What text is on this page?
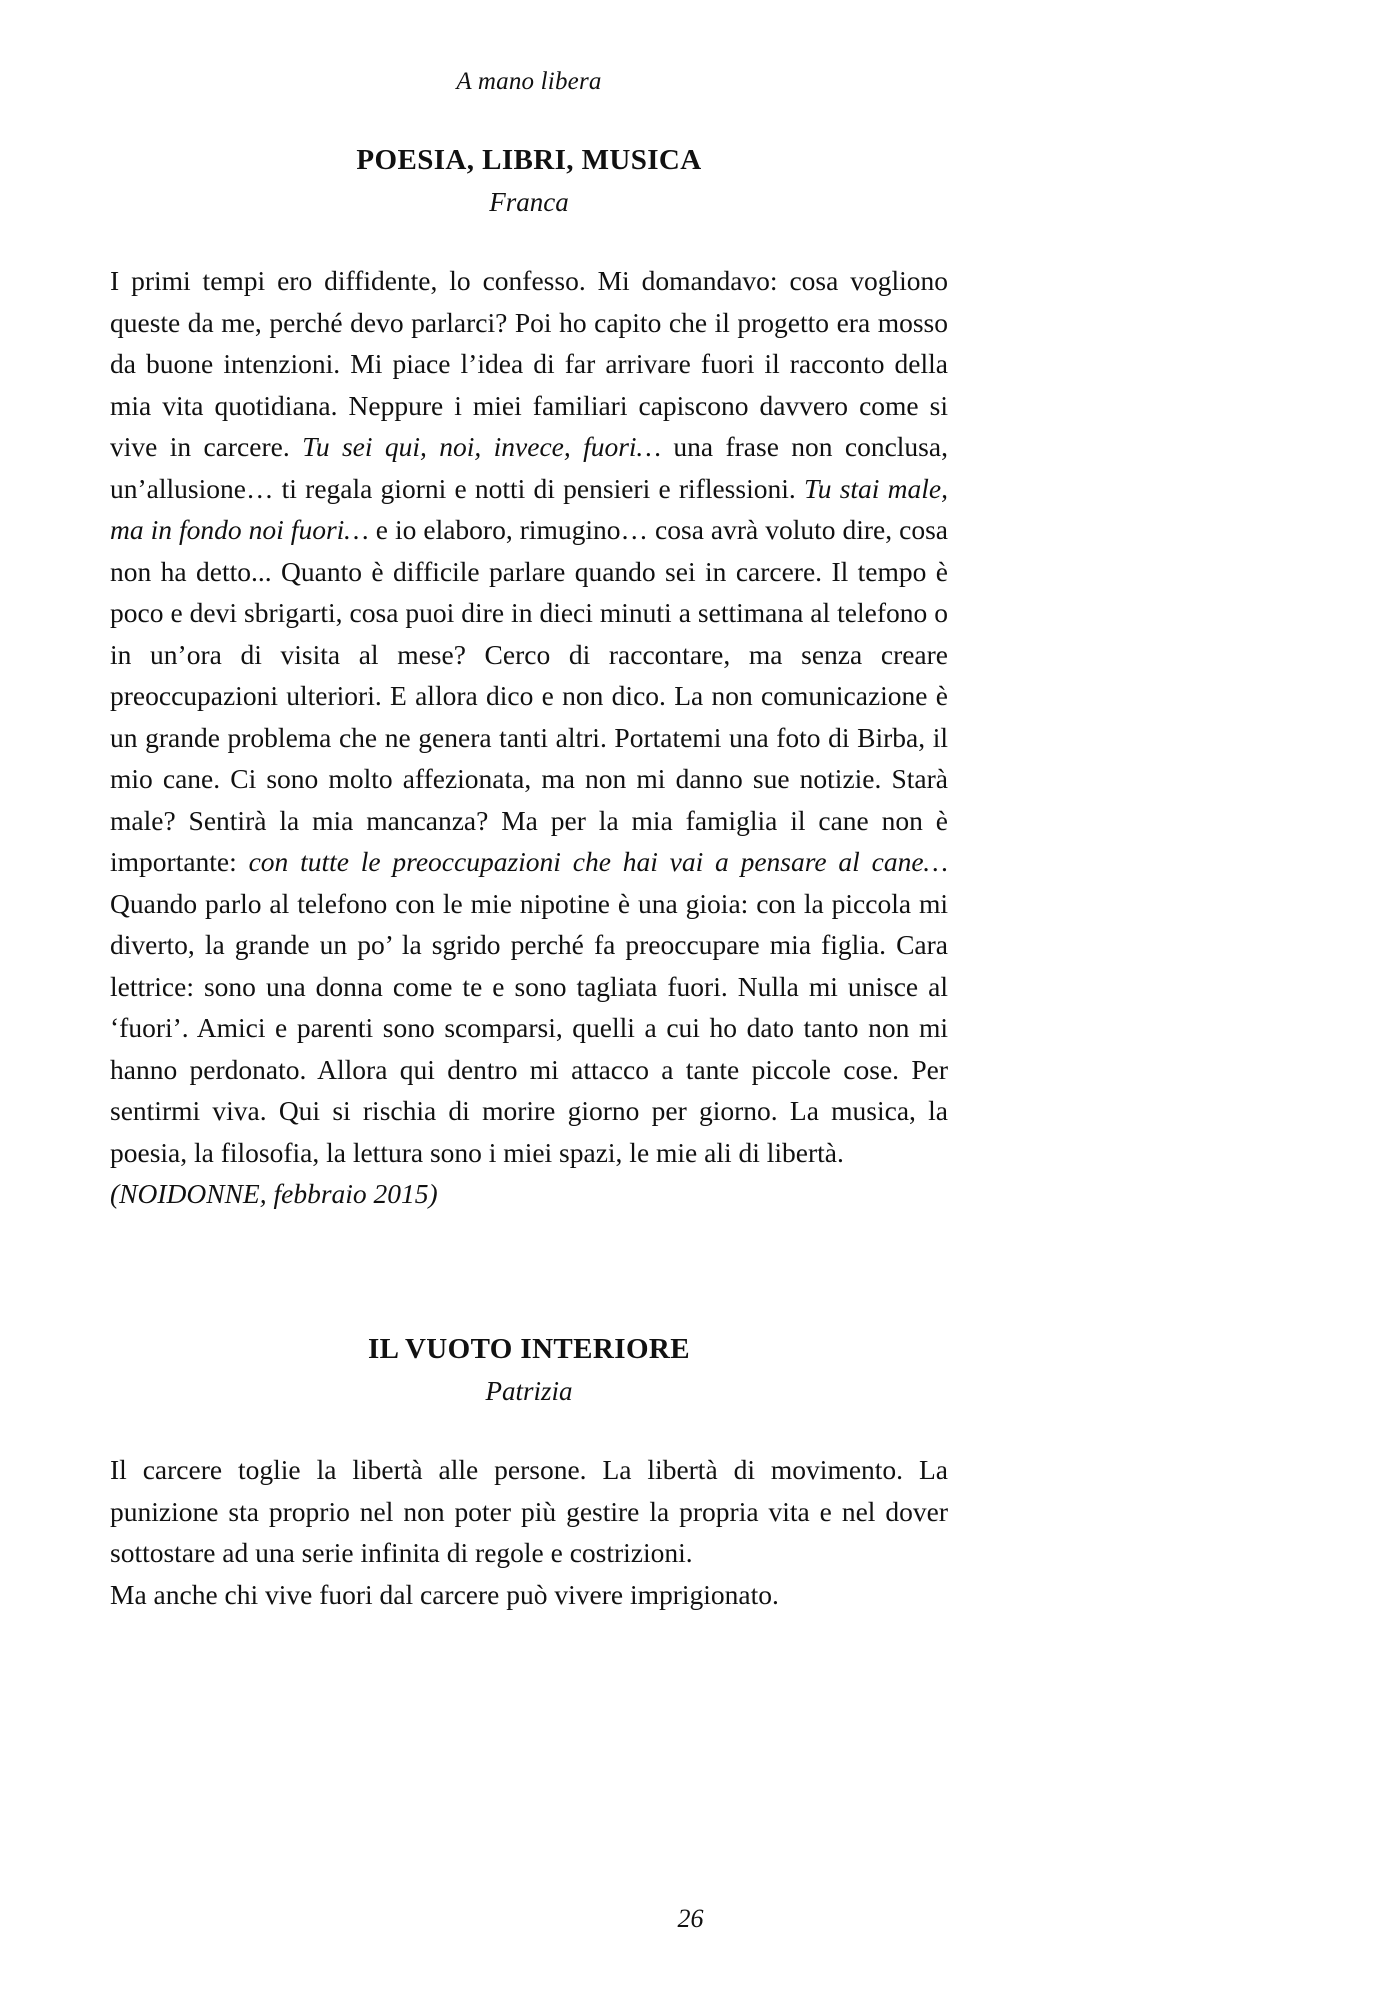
A mano libera
POESIA, LIBRI, MUSICA
Franca

I primi tempi ero diffidente, lo confesso. Mi domandavo: cosa vogliono queste da me, perché devo parlarci? Poi ho capito che il progetto era mosso da buone intenzioni. Mi piace l’idea di far arrivare fuori il racconto della mia vita quotidiana. Neppure i miei familiari capiscono davvero come si vive in carcere. Tu sei qui, noi, invece, fuori… una frase non conclusa, un’allusione… ti regala giorni e notti di pensieri e riflessioni. Tu stai male, ma in fondo noi fuori… e io elaboro, rimugino… cosa avrà voluto dire, cosa non ha detto... Quanto è difficile parlare quando sei in carcere. Il tempo è poco e devi sbrigarti, cosa puoi dire in dieci minuti a settimana al telefono o in un’ora di visita al mese? Cerco di raccontare, ma senza creare preoccupazioni ulteriori. E allora dico e non dico. La non comunicazione è un grande problema che ne genera tanti altri. Portatemi una foto di Birba, il mio cane. Ci sono molto affezionata, ma non mi danno sue notizie. Starà male? Sentirà la mia mancanza? Ma per la mia famiglia il cane non è importante: con tutte le preoccupazioni che hai vai a pensare al cane… Quando parlo al telefono con le mie nipotine è una gioia: con la piccola mi diverto, la grande un po’ la sgrido perché fa preoccupare mia figlia. Cara lettrice: sono una donna come te e sono tagliata fuori. Nulla mi unisce al ‘fuori’. Amici e parenti sono scomparsi, quelli a cui ho dato tanto non mi hanno perdonato. Allora qui dentro mi attacco a tante piccole cose. Per sentirmi viva. Qui si rischia di morire giorno per giorno. La musica, la poesia, la filosofia, la lettura sono i miei spazi, le mie ali di libertà.

(NOIDONNE, febbraio 2015)

IL VUOTO INTERIORE
Patrizia

Il carcere toglie la libertà alle persone. La libertà di movimento. La punizione sta proprio nel non poter più gestire la propria vita e nel dover sottostare ad una serie infinita di regole e costrizioni.

Ma anche chi vive fuori dal carcere può vivere imprigionato.

26
